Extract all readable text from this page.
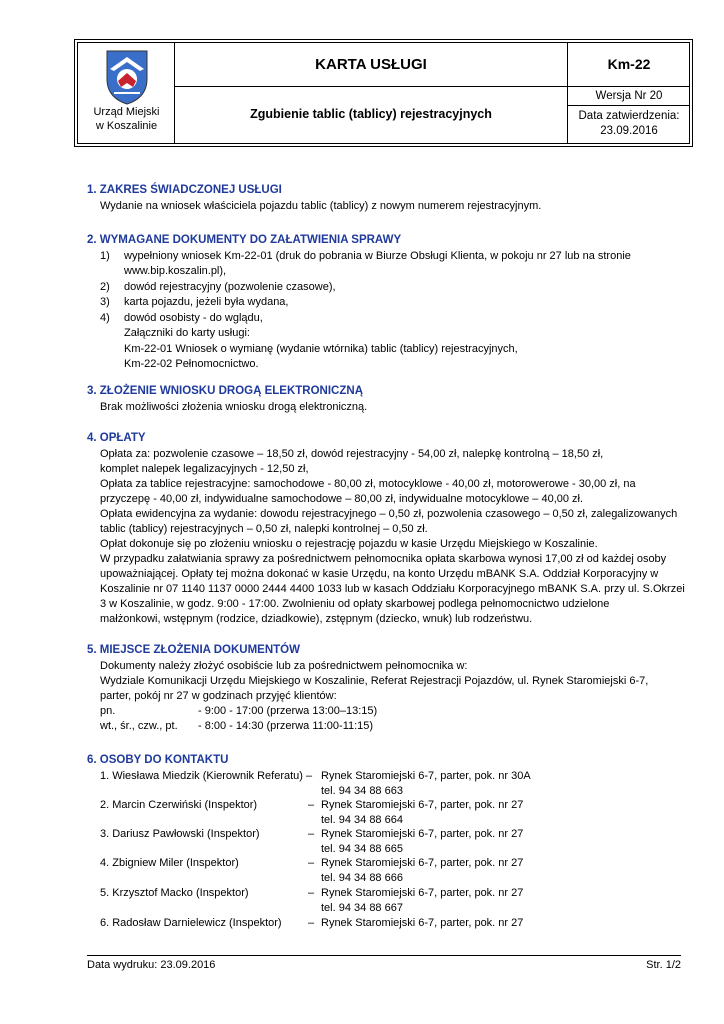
Urząd Miejski
w Koszalinie
KARTA USŁUGI
Zgubienie tablic (tablicy) rejestracyjnych
Km-22
Wersja Nr 20
Data zatwierdzenia:
23.09.2016
1. ZAKRES ŚWIADCZONEJ USŁUGI
Wydanie na wniosek właściciela pojazdu tablic (tablicy) z nowym numerem rejestracyjnym.
2. WYMAGANE DOKUMENTY DO ZAŁATWIENIA SPRAWY
1) wypełniony wniosek Km-22-01 (druk do pobrania w Biurze Obsługi Klienta, w pokoju nr 27 lub na stronie
www.bip.koszalin.pl),
2) dowód rejestracyjny (pozwolenie czasowe),
3) karta pojazdu, jeżeli była wydana,
4) dowód osobisty - do wglądu,
Załączniki do karty usługi:
Km-22-01 Wniosek o wymianę (wydanie wtórnika) tablic (tablicy) rejestracyjnych,
Km-22-02 Pełnomocnictwo.
3. ZŁOŻENIE WNIOSKU DROGĄ ELEKTRONICZNĄ
Brak możliwości złożenia wniosku drogą elektroniczną.
4. OPŁATY
Opłata za: pozwolenie czasowe – 18,50 zł, dowód rejestracyjny - 54,00 zł, nalepkę kontrolną – 18,50 zł,
komplet nalepek legalizacyjnych - 12,50 zł,
Opłata za tablice rejestracyjne: samochodowe - 80,00 zł, motocyklowe - 40,00 zł, motorowerowe - 30,00 zł, na
przyczepę - 40,00 zł, indywidualne samochodowe – 80,00 zł, indywidualne motocyklowe – 40,00 zł.
Opłata ewidencyjna za wydanie: dowodu rejestracyjnego – 0,50 zł, pozwolenia czasowego – 0,50 zł, zalegalizowanych
tablic (tablicy) rejestracyjnych – 0,50 zł, nalepki kontrolnej – 0,50 zł.
Opłat dokonuje się po złożeniu wniosku o rejestrację pojazdu w kasie Urzędu Miejskiego w Koszalinie.
W przypadku załatwiania sprawy za pośrednictwem pełnomocnika opłata skarbowa wynosi 17,00 zł od każdej osoby
upoważniającej. Opłaty tej można dokonać w kasie Urzędu, na konto Urzędu mBANK S.A. Oddział Korporacyjny w
Koszalinie nr 07 1140 1137 0000 2444 4400 1033 lub w kasach Oddziału Korporacyjnego mBANK S.A. przy ul. S.Okrzei
3 w Koszalinie, w godz. 9:00 - 17:00. Zwolnieniu od opłaty skarbowej podlega pełnomocnictwo udzielone
małżonkowi, wstępnym (rodzice, dziadkowie), zstępnym (dziecko, wnuk) lub rodzeństwu.
5. MIEJSCE ZŁOŻENIA DOKUMENTÓW
Dokumenty należy złożyć osobiście lub za pośrednictwem pełnomocnika w:
Wydziale Komunikacji Urzędu Miejskiego w Koszalinie, Referat Rejestracji Pojazdów, ul. Rynek Staromiejski 6-7,
parter, pokój nr 27 w godzinach przyjęć klientów:
pn.	- 9:00 - 17:00 (przerwa 13:00–13:15)
wt., śr., czw., pt. - 8:00 - 14:30 (przerwa 11:00-11:15)
6. OSOBY DO KONTAKTU
1. Wiesława Miedzik (Kierownik Referatu) – Rynek Staromiejski 6-7, parter, pok. nr 30A
tel. 94 34 88 663
2. Marcin Czerwiński (Inspektor)	– Rynek Staromiejski 6-7, parter, pok. nr 27
tel. 94 34 88 664
3. Dariusz Pawłowski (Inspektor)	– Rynek Staromiejski 6-7, parter, pok. nr 27
tel. 94 34 88 665
4. Zbigniew Miler (Inspektor)	– Rynek Staromiejski 6-7, parter, pok. nr 27
tel. 94 34 88 666
5. Krzysztof Macko (Inspektor)	– Rynek Staromiejski 6-7, parter, pok. nr 27
tel. 94 34 88 667
6. Radosław Darnielewicz (Inspektor) – Rynek Staromiejski 6-7, parter, pok. nr 27
Data wydruku: 23.09.2016	Str. 1/2
